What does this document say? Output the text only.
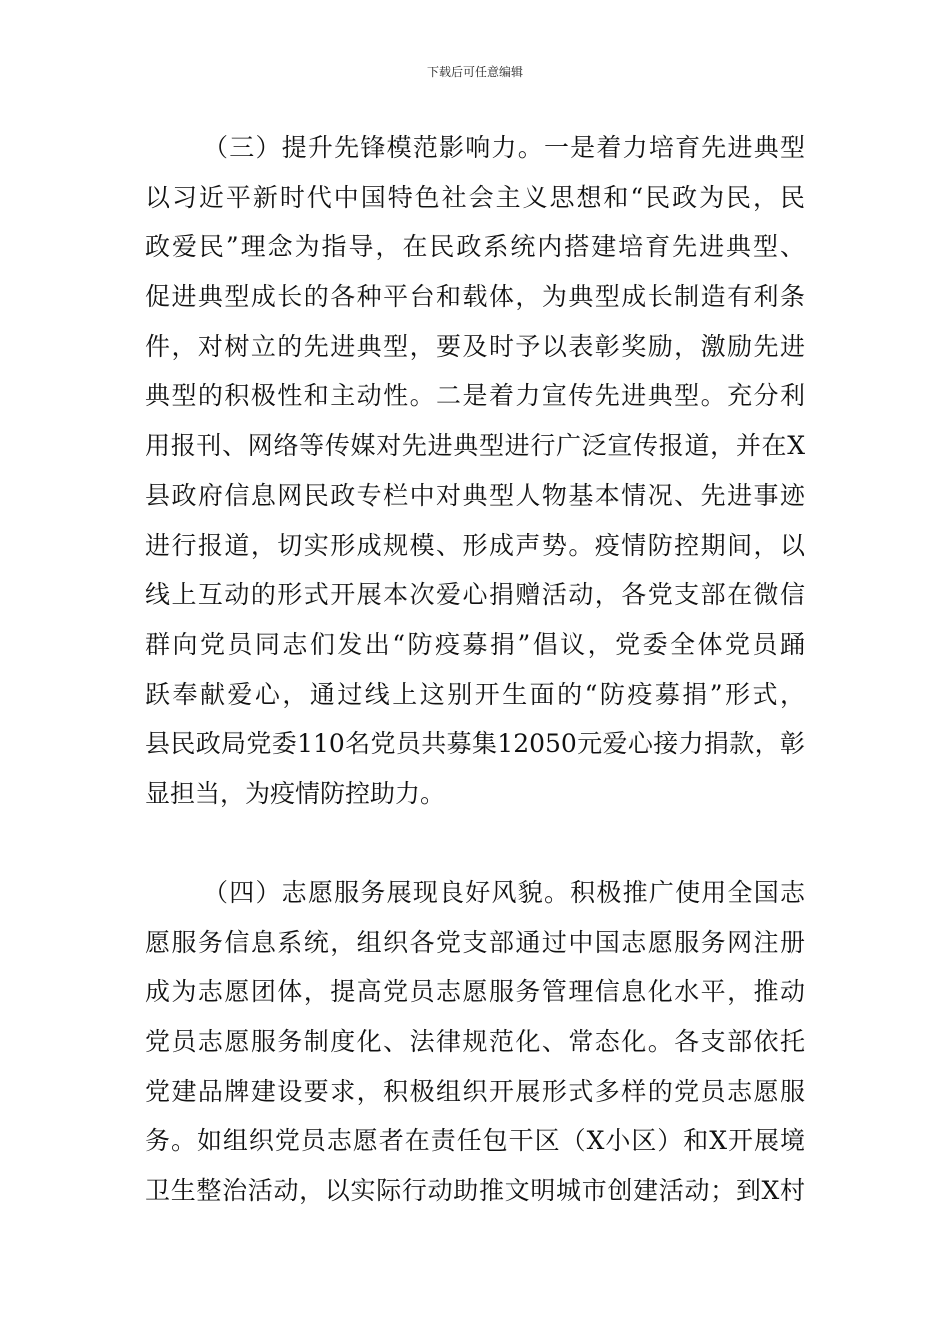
下载后可任意编辑
（三）提升先锋模范影响力。一是着力培育先进典型
以习近平新时代中国特色社会主义思想和“民政为民，民
政爱民”理念为指导，在民政系统内搭建培育先进典型、
促进典型成长的各种平台和载体，为典型成长制造有利条
件，对树立的先进典型，要及时予以表彰奖励，激励先进
典型的积极性和主动性。二是着力宣传先进典型。充分利
用报刊、网络等传媒对先进典型进行广泛宣传报道，并在X
县政府信息网民政专栏中对典型人物基本情况、先进事迹
进行报道，切实形成规模、形成声势。疫情防控期间，以
线上互动的形式开展本次爱心捐赠活动，各党支部在微信
群向党员同志们发出“防疫募捐”倡议，党委全体党员踊
跃奉献爱心，通过线上这别开生面的“防疫募捐”形式，
县民政局党委110名党员共募集12050元爱心接力捐款，彰
显担当，为疫情防控助力。
（四）志愿服务展现良好风貌。积极推广使用全国志
愿服务信息系统，组织各党支部通过中国志愿服务网注册
成为志愿团体，提高党员志愿服务管理信息化水平，推动
党员志愿服务制度化、法律规范化、常态化。各支部依托
党建品牌建设要求，积极组织开展形式多样的党员志愿服
务。如组织党员志愿者在责任包干区（X小区）和X开展境
卫生整治活动，以实际行动助推文明城市创建活动；到X村
